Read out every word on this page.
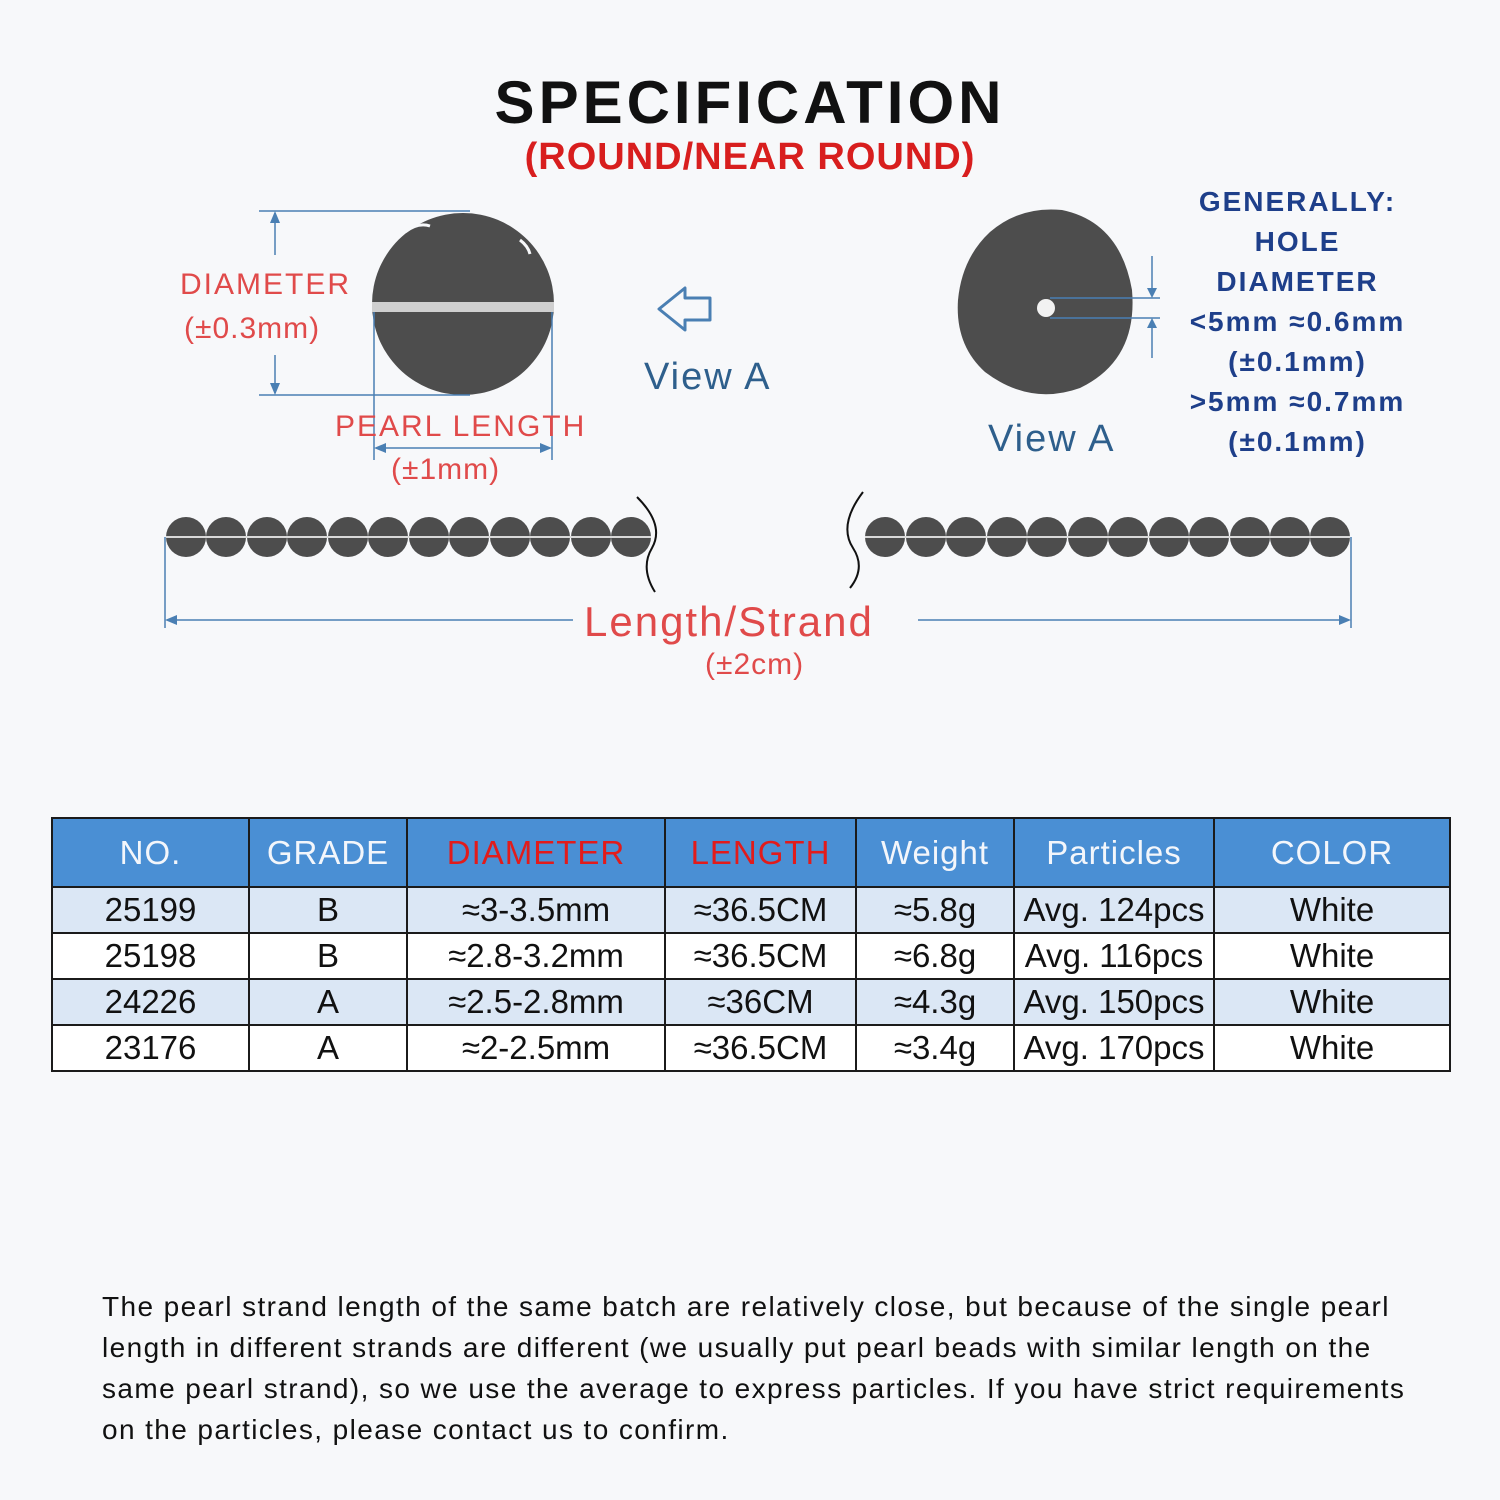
SPECIFICATION
(ROUND/NEAR ROUND)
DIAMETER
(±0.3mm)
PEARL LENGTH
(±1mm)
View A
View A
GENERALLY:
HOLE DIAMETER
<5mm ≈0.6mm
(±0.1mm)
>5mm ≈0.7mm
(±0.1mm)
Length/Strand
(±2cm)
NO.	GRADE	DIAMETER	LENGTH	Weight	Particles	COLOR
25199	B	≈3-3.5mm	≈36.5CM	≈5.8g	Avg. 124pcs	White
25198	B	≈2.8-3.2mm	≈36.5CM	≈6.8g	Avg. 116pcs	White
24226	A	≈2.5-2.8mm	≈36CM	≈4.3g	Avg. 150pcs	White
23176	A	≈2-2.5mm	≈36.5CM	≈3.4g	Avg. 170pcs	White
The pearl strand length of the same batch are relatively close, but because of the single pearl length in different strands are different (we usually put pearl beads with similar length on the same pearl strand), so we use the average to express particles. If you have strict requirements on the particles, please contact us to confirm.
